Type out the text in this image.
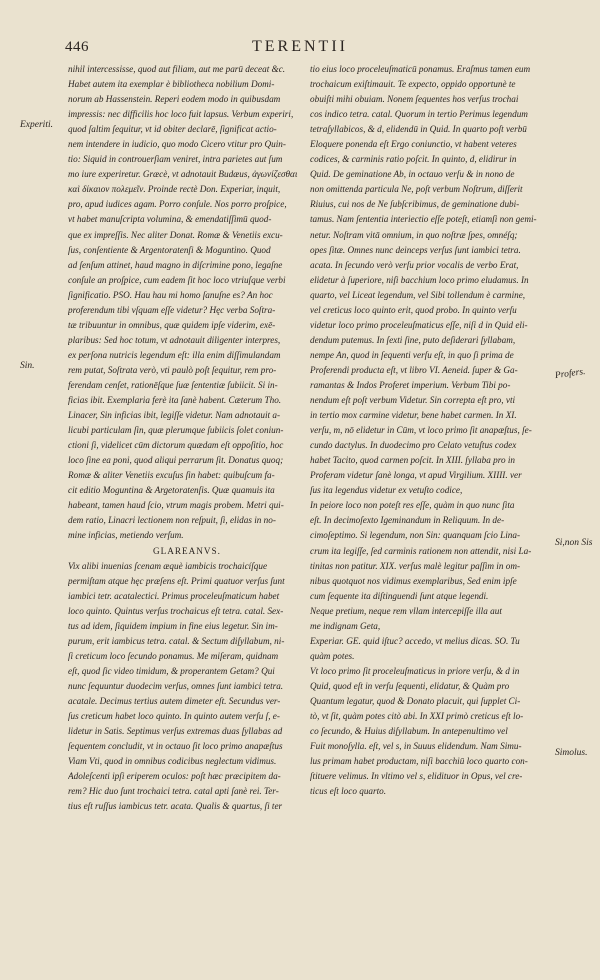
446	TERENTII
Experiti.
Sin.
Profers.
Si,non Sis
Simolus.
nihil intercessisse, quod aut filiam, aut me parū deceat &c.
Habet autem ita exemplar è bibliotheca nobilium Domi-
norum ab Hassenstein. Reperi eodem modo in quibusdam
impressis: nec difficilis hoc loco fuit lapsus. Verbum experiri,
quod ſaltim ſequitur, vt id obiter declarē, ſignificat actio-
nem intendere in iudicio, quo modo Cicero vtitur pro Quin-
tio: Siquid in controuerſiam veniret, intra parietes aut ſum
mo iure experiretur. Græcè, vt adnotauit Budæus, ἀγωνίζεσθαι
καὶ δίκαιον πολεμεῖν. Proinde rectè Don. Experiar, inquit,
pro, apud iudices agam. Porro conſule. Nos porro proſpice,
vt habet manuſcripta volumina, & emendatiſſimū quod-
que ex impreſſis. Nec aliter Donat. Romæ & Venetiis excu-
ſus, conſentiente & Argentoratenſi & Moguntino. Quod
ad ſenſum attinet, haud magno in diſcrimine pono, legaſne
conſule an proſpice, cum eadem ſit hoc loco vtriuſque verbi
ſignificatio. PSO. Hau hau mi homo ſanuſne es? An hoc
proferendum tibi vſquam eſſe videtur? Hęc verba Soſtra-
tæ tribuuntur in omnibus, quæ quidem ipſe viderim, exē-
plaribus: Sed hoc totum, vt adnotauit diligenter interpres,
ex perſona nutricis legendum eſt: illa enim diſſimulandam
rem putat, Soſtrata verò, vti paulò poſt ſequitur, rem pro-
ferendam cenſet, rationēſque ſuæ ſententiæ ſubiicit. Si in-
ficias ibit. Exemplaria ferè ita ſanè habent. Cæterum Tho.
Linacer, Sin inficias ibit, legiſſe videtur. Nam adnotauit a-
licubi particulam ſin, quæ plerumque ſubiicis ſolet coniun-
ctioni ſi, videlicet cūm dictorum quædam eſt oppoſitio, hoc
loco ſine ea poni, quod aliqui perrarum ſit. Donatus quoq;
Romæ & aliter Venetiis excuſus ſin habet: quibuſcum fa-
cit editio Moguntina & Argetoratenſis. Quæ quamuis ita
habeant, tamen haud ſcio, vtrum magis probem. Metri qui-
dem ratio, Linacri lectionem non reſpuit, ſi, elidas in no-
mine inficias, metiendo verſum.
GLAREANVS.
Vix alibi inuenias ſcenam æquè iambicis trochaicíſque
permiſtam atque hęc præſens eſt. Primi quatuor verſus ſunt
iambici tetr. acatalectici. Primus proceleuſmaticum habet
loco quinto. Quintus verſus trochaicus eſt tetra. catal. Sex-
tus ad idem, ſiquidem impium in fine eius legetur. Sin im-
purum, erit iambicus tetra. catal. & Sectum diſyllabum, ni-
ſi creticum loco ſecundo ponamus. Me miſeram, quidnam
eſt, quod ſic video timidum, & properantem Getam? Qui
nunc ſequuntur duodecim verſus, omnes ſunt iambici tetra.
acatale. Decimus tertius autem dimeter eſt. Secundus ver-
ſus creticum habet loco quinto. In quinto autem verſu ſ, e-
lidetur in Satis. Septimus verſus extremas duas ſyllabas ad
ſequentem concludit, vt in octauo ſit loco primo anapæſtus
Viam Vti, quod in omnibus codicibus neglectum vidimus.
Adoleſcenti ipſi eriperem oculos: poſt hæc præcipitem da-
rem? Hic duo ſunt trochaici tetra. catal apti ſanè rei. Ter-
tius eſt ruſſus iambicus tetr. acata. Qualis & quartus, ſi ter
tio eius loco proceleuſmaticū ponamus. Eraſmus tamen eum
trochaicum exiſtimauit. Te expecto, oppido opportunè te
obuiſti mihi obuiam. Nonem ſequentes hos verſus trochai
cos indico tetra. catal. Quorum in tertio Perimus legendum
tetraſyllabicos, & d, elidendū in Quid. In quarto poſt verbū
Eloquere ponenda eſt Ergo coniunctio, vt habent veteres
codices, & carminis ratio poſcit. In quinto, d, elidirur in
Quid. De geminatione Ab, in octauo verſu & in nono de
non omittenda particula Ne, poſt verbum Noſtrum, diſſerit
Riuius, cui nos de Ne ſubſcribimus, de geminatione dubi-
tamus. Nam ſententia interiectio eſſe poteſt, etiamſi non gemi-
netur. Noſtram vitā omnium, in quo noſtræ ſpes, omnéſq;
opes ſitæ. Omnes nunc deinceps verſus ſunt iambici tetra.
acata. In ſecundo verò verſu prior vocalis de verbo Erat,
elidetur à ſuperiore, niſi bacchium loco primo eludamus. In
quarto, vel Liceat legendum, vel Sibi tollendum è carmine,
vel creticus loco quinto erit, quod probo. In quinto verſu
videtur loco primo proceleuſmaticus eſſe, niſi d in Quid eli-
dendum putemus. In ſexti ſine, puto deſiderari ſyllabam,
nempe An, quod in ſequenti verſu eſt, in quo ſi prima de
Proferendi producta eſt, vt libro VI. Aeneid. ſuper & Ga-
ramantas & Indos Proferet imperium. Verbum Tibi po-
nendum eſt poſt verbum Videtur. Sin correpta eſt pro, vti
in tertio mox carmine videtur, bene habet carmen. In XI.
verſu, m, nō elidetur in Cūm, vt loco primo ſit anapæſtus, ſe-
cundo dactylus. In duodecimo pro Celato vetuſtus codex
habet Tacito, quod carmen poſcit. In XIII. ſyllaba pro in
Proferam videtur ſanè longa, vt apud Virgilium. XIIII. ver
ſus ita legendus videtur ex vetuſto codice,
In peiore loco non poteſt res eſſe, quàm in quo nunc ſita
eſt. In decimoſexto Igeminandum in Reliquum. In de-
cimoſeptimo. Si legendum, non Sin: quanquam ſcio Lina-
crum ita legiſſe, ſed carminis rationem non attendit, nisi La-
tinitas non patitur. XIX. verſus malè legitur paſſim in om-
nibus quotquot nos vidimus exemplaribus, Sed enim ipſe
cum ſequente ita diſtinguendi ſunt atque legendi.
Neque pretium, neque rem vllam intercepiſſe illa aut
me indignam Geta,
Experiar. GE. quid iſtuc? accedo, vt melius dicas. SO. Tu
quàm potes.
Vt loco primo ſit proceleuſmaticus in priore verſu, & d in
Quid, quod eſt in verſu ſequenti, elidatur, & Quàm pro
Quantum legatur, quod & Donato placuit, qui ſupplet Ci-
tò, vt ſit, quàm potes citò abi. In XXI primò creticus eſt lo-
co ſecundo, & Huius diſyllabum. In antepenultimo vel
Fuit monoſylla. eſt, vel s, in Suuus elidendum. Nam Simu-
lus primam habet productam, niſi bacchiū loco quarto con-
ſtituere velimus. In vltimo vel s, elidituor in Opus, vel cre-
ticus eſt loco quarto.
